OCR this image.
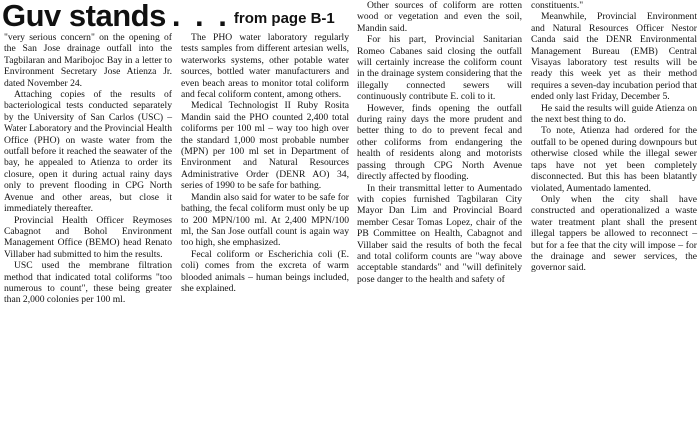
Guv stands . . . from page B-1

"very serious concern" on the opening of the San Jose drainage outfall into the Tagbilaran and Maribojoc Bay in a letter to Environment Secretary Jose Atienza Jr. dated November 24.

Attaching copies of the results of bacteriological tests conducted separately by the University of San Carlos (USC) – Water Laboratory and the Provincial Health Office (PHO) on waste water from the outfall before it reached the seawater of the bay, he appealed to Atienza to order its closure, open it during actual rainy days only to prevent flooding in CPG North Avenue and other areas, but close it immediately thereafter.

Provincial Health Officer Reymoses Cabagnot and Bohol Environment Management Office (BEMO) head Renato Villaber had submitted to him the results.

USC used the membrane filtration method that indicated total coliforms "too numerous to count", these being greater than 2,000 colonies per 100 ml.

The PHO water laboratory regularly tests samples from different artesian wells, waterworks systems, other potable water sources, bottled water manufacturers and even beach areas to monitor total coliform and fecal coliform content, among others.

Medical Technologist II Ruby Rosita Mandin said the PHO counted 2,400 total coliforms per 100 ml – way too high over the standard 1,000 most probable number (MPN) per 100 ml set in Department of Environment and Natural Resources Administrative Order (DENR AO) 34, series of 1990 to be safe for bathing.

Mandin also said for water to be safe for bathing, the fecal coliform must only be up to 200 MPN/100 ml. At 2,400 MPN/100 ml, the San Jose outfall count is again way too high, she emphasized.

Fecal coliform or Escherichia coli (E. coli) comes from the excreta of warm blooded animals – human beings included, she explained.

Other sources of coliform are rotten wood or vegetation and even the soil, Mandin said.

For his part, Provincial Sanitarian Romeo Cabanes said closing the outfall will certainly increase the coliform count in the drainage system considering that the illegally connected sewers will continuously contribute E. coli to it.

However, finds opening the outfall during rainy days the more prudent and better thing to do to prevent fecal and other coliforms from endangering the health of residents along and motorists passing through CPG North Avenue directly affected by flooding.

In their transmittal letter to Aumentado with copies furnished Tagbilaran City Mayor Dan Lim and Provincial Board member Cesar Tomas Lopez, chair of the PB Committee on Health, Cabagnot and Villaber said the results of both the fecal and total coliform counts are "way above acceptable standards" and "will definitely pose danger to the health and safety of

constituents."

Meanwhile, Provincial Environment and Natural Resources Officer Nestor Canda said the DENR Environmental Management Bureau (EMB) Central Visayas laboratory test results will be ready this week yet as their method requires a seven-day incubation period that ended only last Friday, December 5.

He said the results will guide Atienza on the next best thing to do.

To note, Atienza had ordered for the outfall to be opened during downpours but otherwise closed while the illegal sewer taps have not yet been completely disconnected. But this has been blatantly violated, Aumentado lamented.

Only when the city shall have constructed and operationalized a waste water treatment plant shall the present illegal tappers be allowed to reconnect – but for a fee that the city will impose – for the drainage and sewer services, the governor said.
